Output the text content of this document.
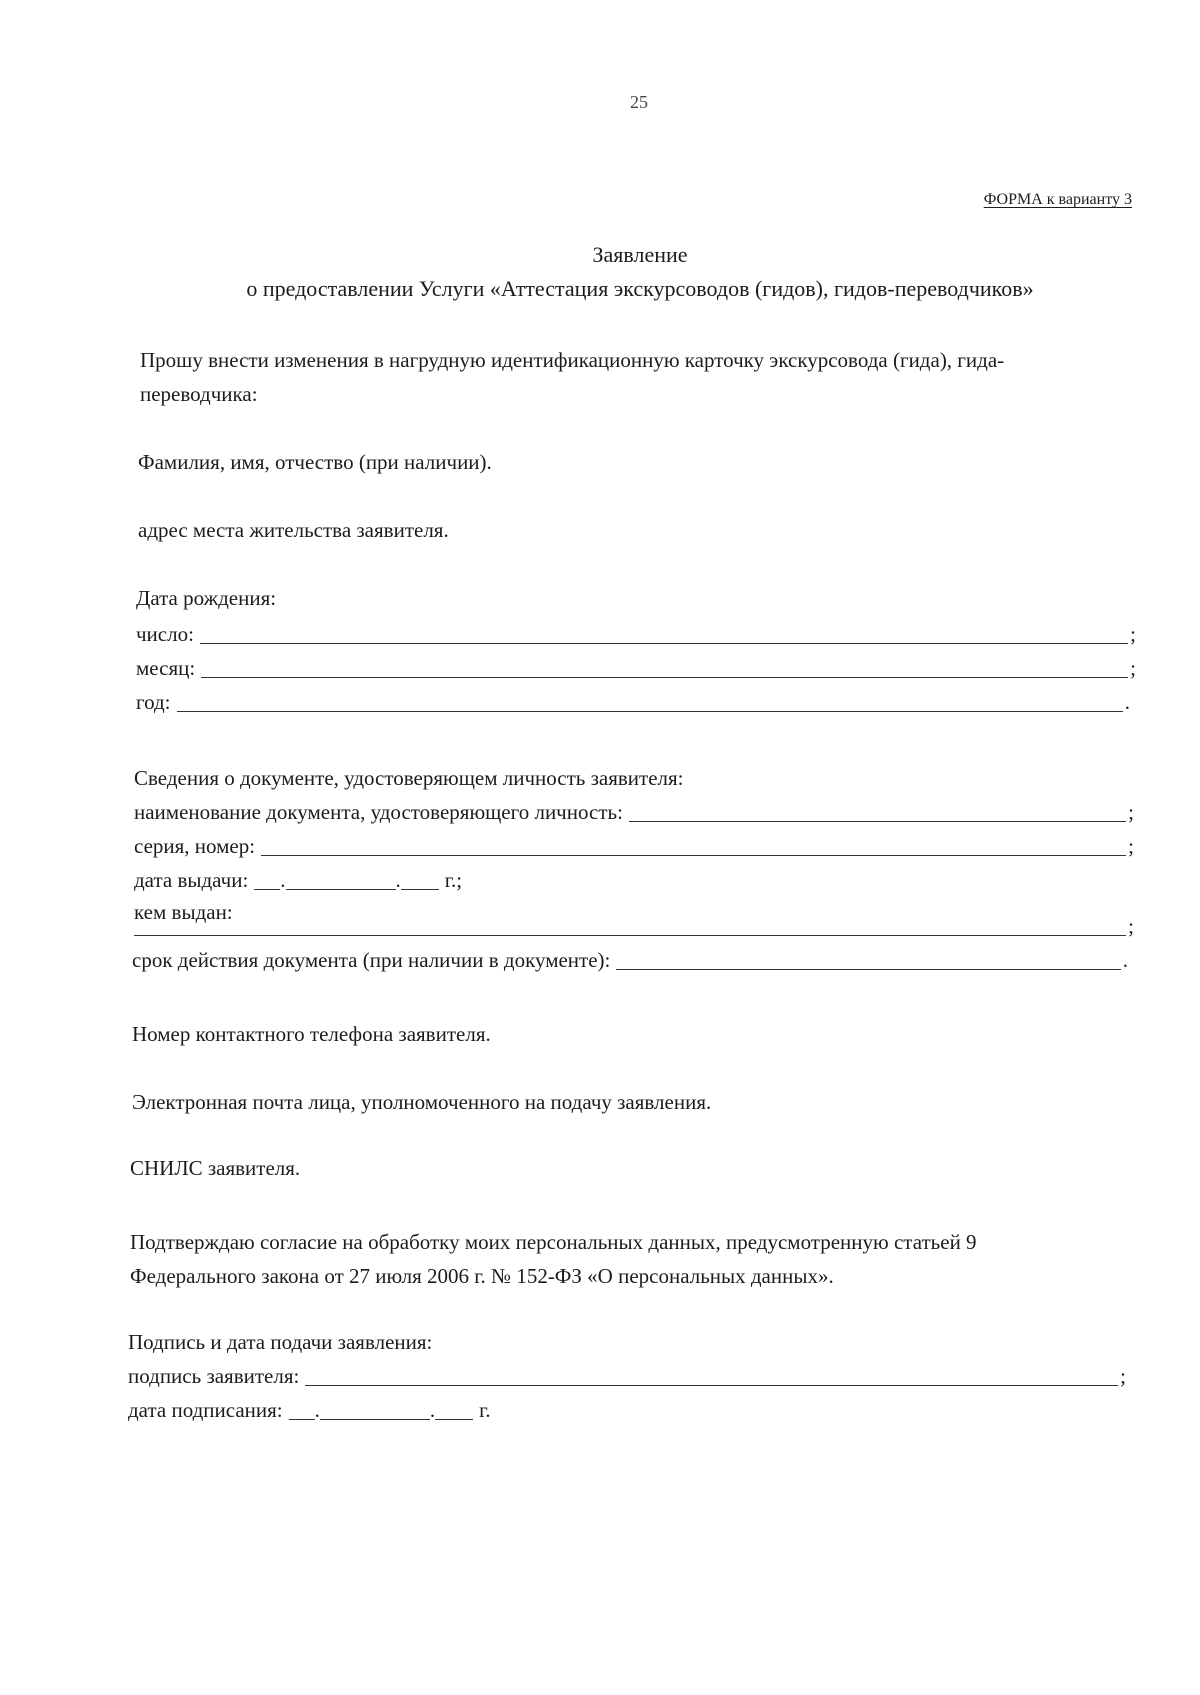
25
ФОРМА к варианту 3
Заявление
о предоставлении Услуги «Аттестация экскурсоводов (гидов), гидов-переводчиков»
Прошу внести изменения в нагрудную идентификационную карточку экскурсовода (гида), гида-
переводчика:
Фамилия, имя, отчество (при наличии).
адрес места жительства заявителя.
Дата рождения:
число:	;
месяц:	;
год:	.
Сведения о документе, удостоверяющем личность заявителя:
наименование документа, удостоверяющего личность:	;
серия, номер:	;
дата выдачи: .	. г.;
кем выдан:
;
срок действия документа (при наличии в документе):	.
Номер контактного телефона заявителя.
Электронная почта лица, уполномоченного на подачу заявления.
СНИЛС заявителя.
Подтверждаю согласие на обработку моих персональных данных, предусмотренную статьей 9
Федерального закона от 27 июля 2006 г. № 152-ФЗ «О персональных данных».
Подпись и дата подачи заявления:
подпись заявителя:	;
дата подписания: .	. г.
